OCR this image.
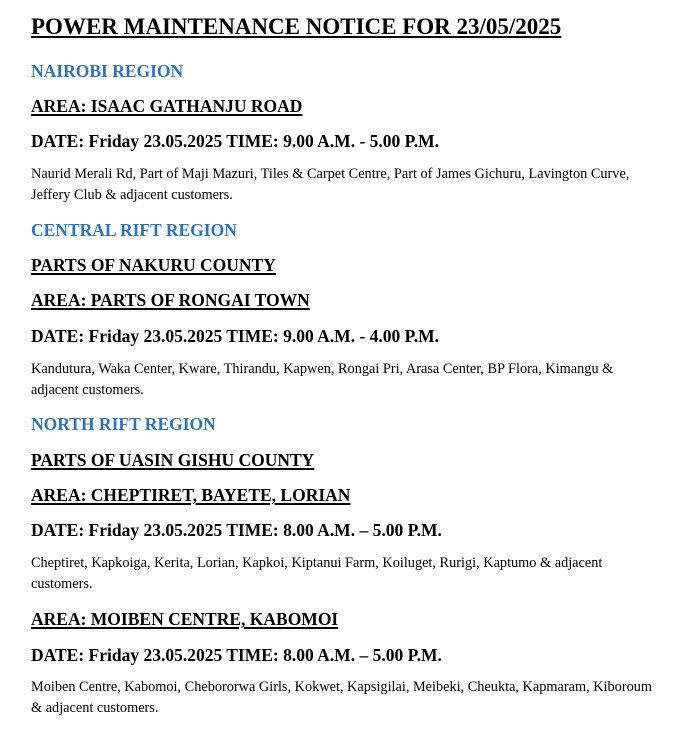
POWER MAINTENANCE NOTICE FOR 23/05/2025
NAIROBI REGION
AREA: ISAAC GATHANJU ROAD
DATE: Friday 23.05.2025 TIME: 9.00 A.M. - 5.00 P.M.

Naurid Merali Rd, Part of Maji Mazuri, Tiles & Carpet Centre, Part of James Gichuru, Lavington Curve, Jeffery Club & adjacent customers.

CENTRAL RIFT REGION
PARTS OF NAKURU COUNTY
AREA: PARTS OF RONGAI TOWN
DATE: Friday 23.05.2025 TIME: 9.00 A.M. - 4.00 P.M.

Kandutura, Waka Center, Kware, Thirandu, Kapwen, Rongai Pri, Arasa Center, BP Flora, Kimangu & adjacent customers.

NORTH RIFT REGION
PARTS OF UASIN GISHU COUNTY
AREA: CHEPTIRET, BAYETE, LORIAN
DATE: Friday 23.05.2025 TIME: 8.00 A.M. – 5.00 P.M.

Cheptiret, Kapkoiga, Kerita, Lorian, Kapkoi, Kiptanui Farm, Koiluget, Rurigi, Kaptumo & adjacent customers.

AREA: MOIBEN CENTRE, KABOMOI
DATE: Friday 23.05.2025 TIME: 8.00 A.M. – 5.00 P.M.

Moiben Centre, Kabomoi, Chebororwa Girls, Kokwet, Kapsigilai, Meibeki, Cheukta, Kapmaram, Kiboroum & adjacent customers.
